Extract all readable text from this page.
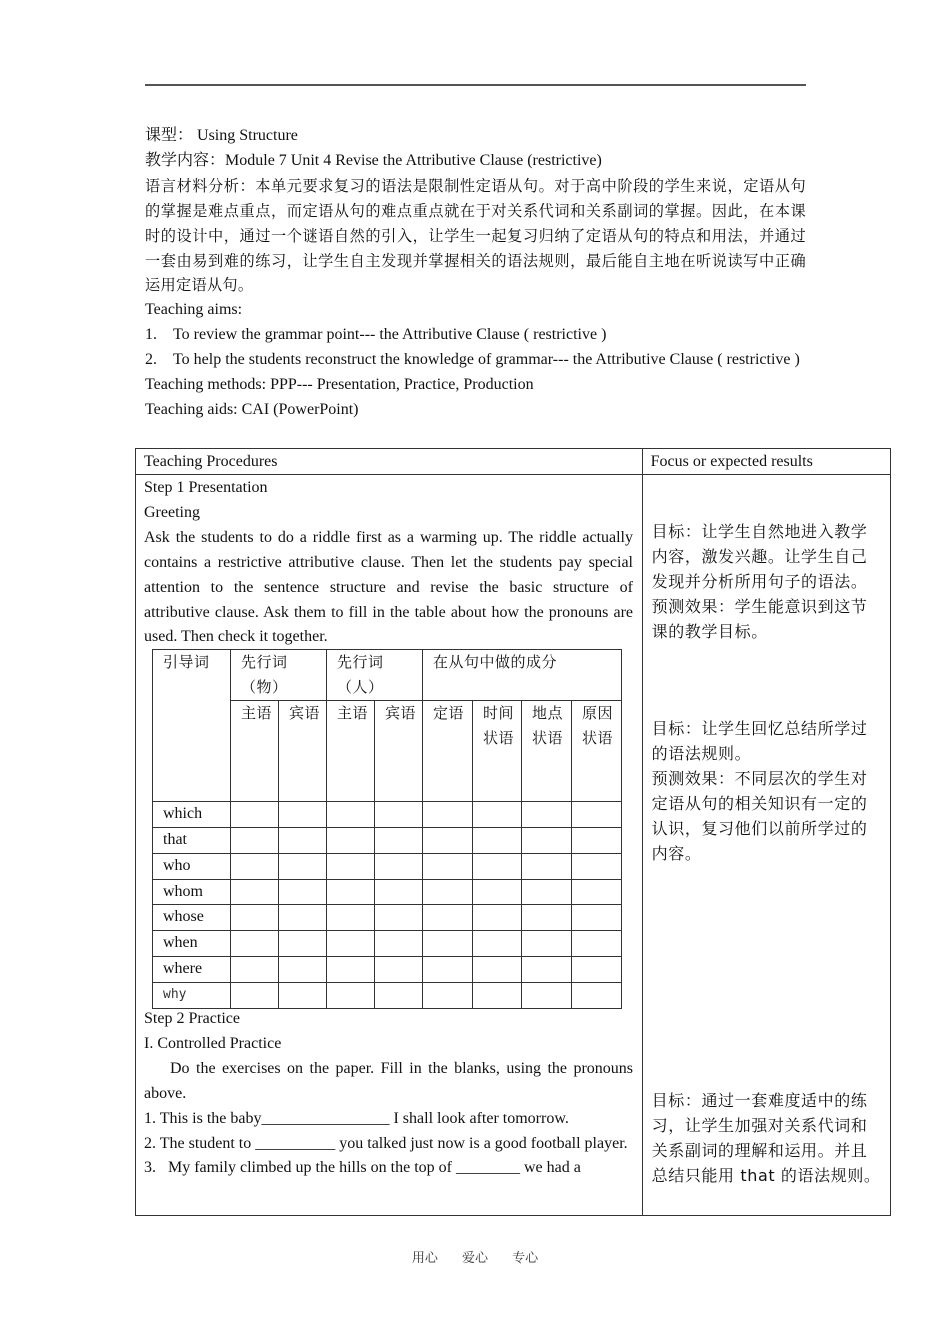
课型： Using Structure

教学内容：Module 7 Unit 4 Revise the Attributive Clause (restrictive)

语言材料分析：本单元要求复习的语法是限制性定语从句。对于高中阶段的学生来说，定语从句的掌握是难点重点，而定语从句的难点重点就在于对关系代词和关系副词的掌握。因此，在本课时的设计中，通过一个谜语自然的引入，让学生一起复习归纳了定语从句的特点和用法，并通过一套由易到难的练习，让学生自主发现并掌握相关的语法规则，最后能自主地在听说读写中正确运用定语从句。

Teaching aims:

1. To review the grammar point--- the Attributive Clause ( restrictive )
2. To help the students reconstruct the knowledge of grammar--- the Attributive Clause ( restrictive )

Teaching methods: PPP--- Presentation, Practice, Production

Teaching aids: CAI (PowerPoint)

Teaching Procedures	Focus or expected results

Step 1 Presentation

Greeting

Ask the students to do a riddle first as a warming up. The riddle actually contains a restrictive attributive clause. Then let the students pay special attention to the sentence structure and revise the basic structure of attributive clause. Ask them to fill in the table about how the pronouns are used. Then check it together.

引导词	先行词（物）	先行词（人）	在从句中做的成分
主语	宾语	主语	宾语	定语	时间状语	地点状语	原因状语
which								
that								
who								
whom								
whose								
when								
where								
why								

Step 2 Practice

I. Controlled Practice

Do the exercises on the paper. Fill in the blanks, using the pronouns above.

1. This is the baby________________ I shall look after tomorrow.

2. The student to __________ you talked just now is a good football player.

3.   My family climbed up the hills on the top of ________ we had a

目标：让学生自然地进入教学内容，激发兴趣。让学生自己发现并分析所用句子的语法。

预测效果：学生能意识到这节课的教学目标。

目标：让学生回忆总结所学过的语法规则。

预测效果：不同层次的学生对定语从句的相关知识有一定的认识，复习他们以前所学过的内容。

目标：通过一套难度适中的练习，让学生加强对关系代词和关系副词的理解和运用。并且总结只能用 that 的语法规则。

用心 爱心 专心
